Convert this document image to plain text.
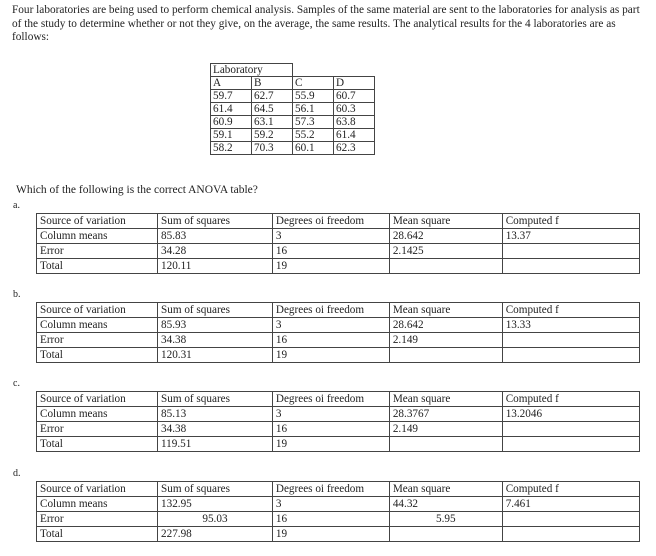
Four laboratories are being used to perform chemical analysis. Samples of the same material are sent to the laboratories for analysis as part of the study to determine whether or not they give, on the average, the same results. The analytical results for the 4 laboratories are as follows:
Laboratory			
A	B	C	D
59.7	62.7	55.9	60.7
61.4	64.5	56.1	60.3
60.9	63.1	57.3	63.8
59.1	59.2	55.2	61.4
58.2	70.3	60.1	62.3
Which of the following is the correct ANOVA table?
a.
Source of variation	Sum of squares	Degrees oi freedom	Mean square	Computed f
Column means	85.83	3	28.642	13.37
Error	34.28	16	2.1425	
Total	120.11	19		
b.
Source of variation	Sum of squares	Degrees oi freedom	Mean square	Computed f
Column means	85.93	3	28.642	13.33
Error	34.38	16	2.149	
Total	120.31	19		
c.
Source of variation	Sum of squares	Degrees oi freedom	Mean square	Computed f
Column means	85.13	3	28.3767	13.2046
Error	34.38	16	2.149	
Total	119.51	19		
d.
Source of variation	Sum of squares	Degrees oi freedom	Mean square	Computed f
Column means	132.95	3	44.32	7.461
Error	95.03	16	5.95	
Total	227.98	19		
